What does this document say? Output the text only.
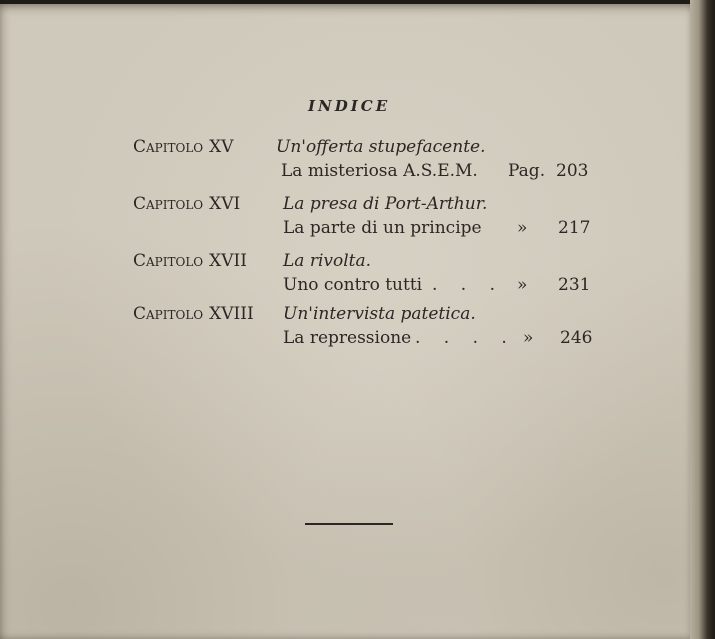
INDICE
Capitolo XV Un'offerta stupefacente.
La misteriosa A.S.E.M. Pag. 203
Capitolo XVI	La presa di Port-Arthur.
La parte di un principe » 217
Capitolo XVII La rivolta.
Uno contro tutti . . . » 231
Capitolo XVIII Un'intervista patetica.
La repressione . . . . » 246
